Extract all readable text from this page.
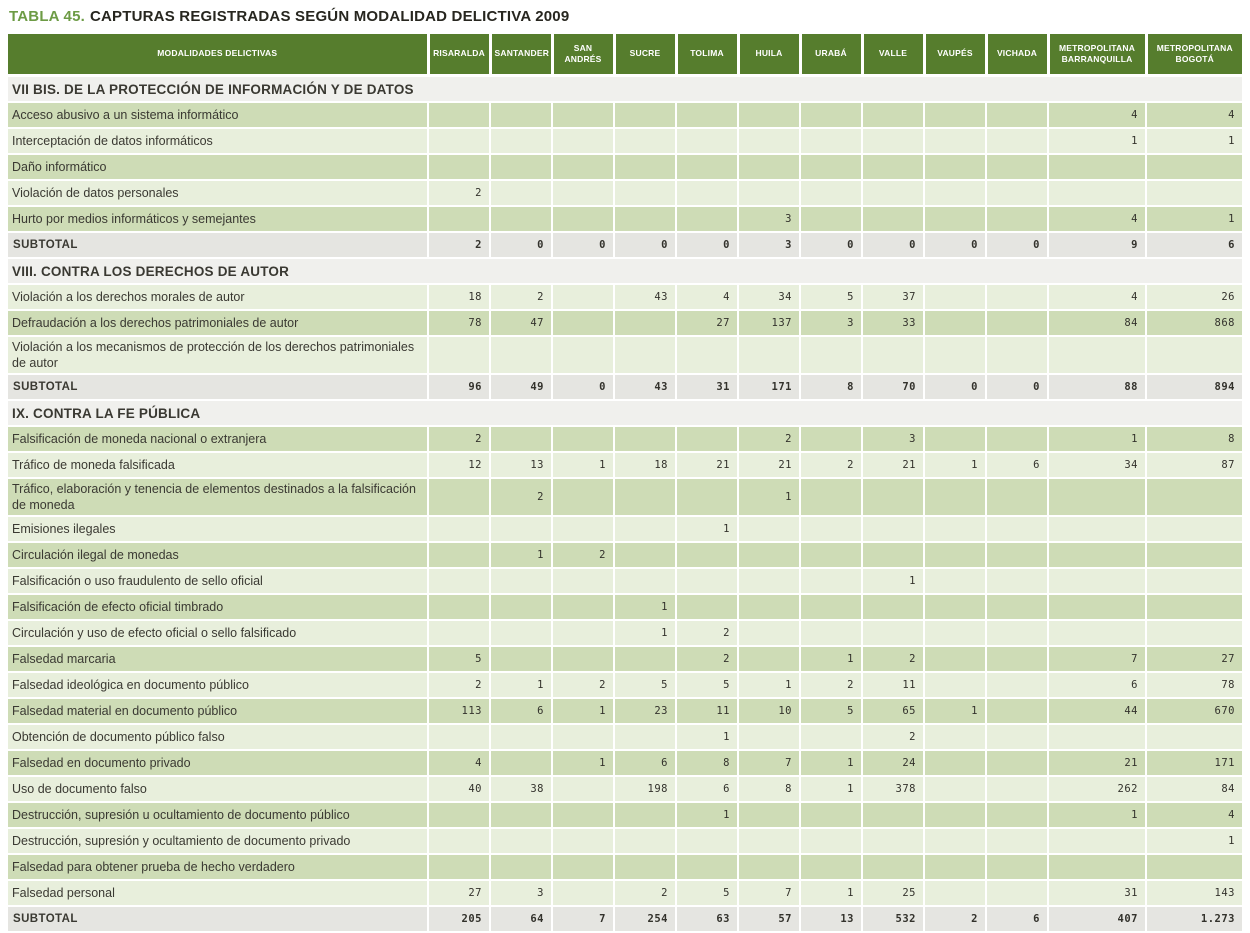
TABLA 45. CAPTURAS REGISTRADAS SEGÚN MODALIDAD DELICTIVA 2009
MODALIDADES DELICTIVAS	RISARALDA	SANTANDER	SAN ANDRÉS	SUCRE	TOLIMA	HUILA	URABÁ	VALLE	VAUPÉS	VICHADA	METROPOLITANA BARRANQUILLA	METROPOLITANA BOGOTÁ
VII BIS. DE LA PROTECCIÓN DE INFORMACIÓN Y DE DATOS												
Acceso abusivo a un sistema informático											4	4
Interceptación de datos informáticos											1	1
Daño informático												
Violación de datos personales	2											
Hurto por medios informáticos y semejantes						3					4	1
SUBTOTAL	2	0	0	0	0	3	0	0	0	0	9	6
VIII. CONTRA LOS DERECHOS DE AUTOR												
Violación a los derechos morales de autor	18	2		43	4	34	5	37			4	26
Defraudación a los derechos patrimoniales de autor	78	47			27	137	3	33			84	868
Violación a los mecanismos de protección de los derechos patrimoniales de autor												
SUBTOTAL	96	49	0	43	31	171	8	70	0	0	88	894
IX. CONTRA LA FE PÚBLICA												
Falsificación de moneda nacional o extranjera	2					2		3			1	8
Tráfico de moneda falsificada	12	13	1	18	21	21	2	21	1	6	34	87
Tráfico, elaboración y tenencia de elementos destinados a la falsificación de moneda		2				1						
Emisiones ilegales					1							
Circulación ilegal de monedas		1	2									
Falsificación o uso fraudulento de sello oficial								1				
Falsificación de efecto oficial timbrado				1								
Circulación y uso de efecto oficial o sello falsificado				1	2							
Falsedad marcaria	5				2		1	2			7	27
Falsedad ideológica en documento público	2	1	2	5	5	1	2	11			6	78
Falsedad material en documento público	113	6	1	23	11	10	5	65	1		44	670
Obtención de documento público falso					1			2				
Falsedad en documento privado	4		1	6	8	7	1	24			21	171
Uso de documento falso	40	38		198	6	8	1	378			262	84
Destrucción, supresión u ocultamiento de documento público					1						1	4
Destrucción, supresión y ocultamiento de documento privado												1
Falsedad para obtener prueba de hecho verdadero												
Falsedad personal	27	3		2	5	7	1	25			31	143
SUBTOTAL	205	64	7	254	63	57	13	532	2	6	407	1.273
